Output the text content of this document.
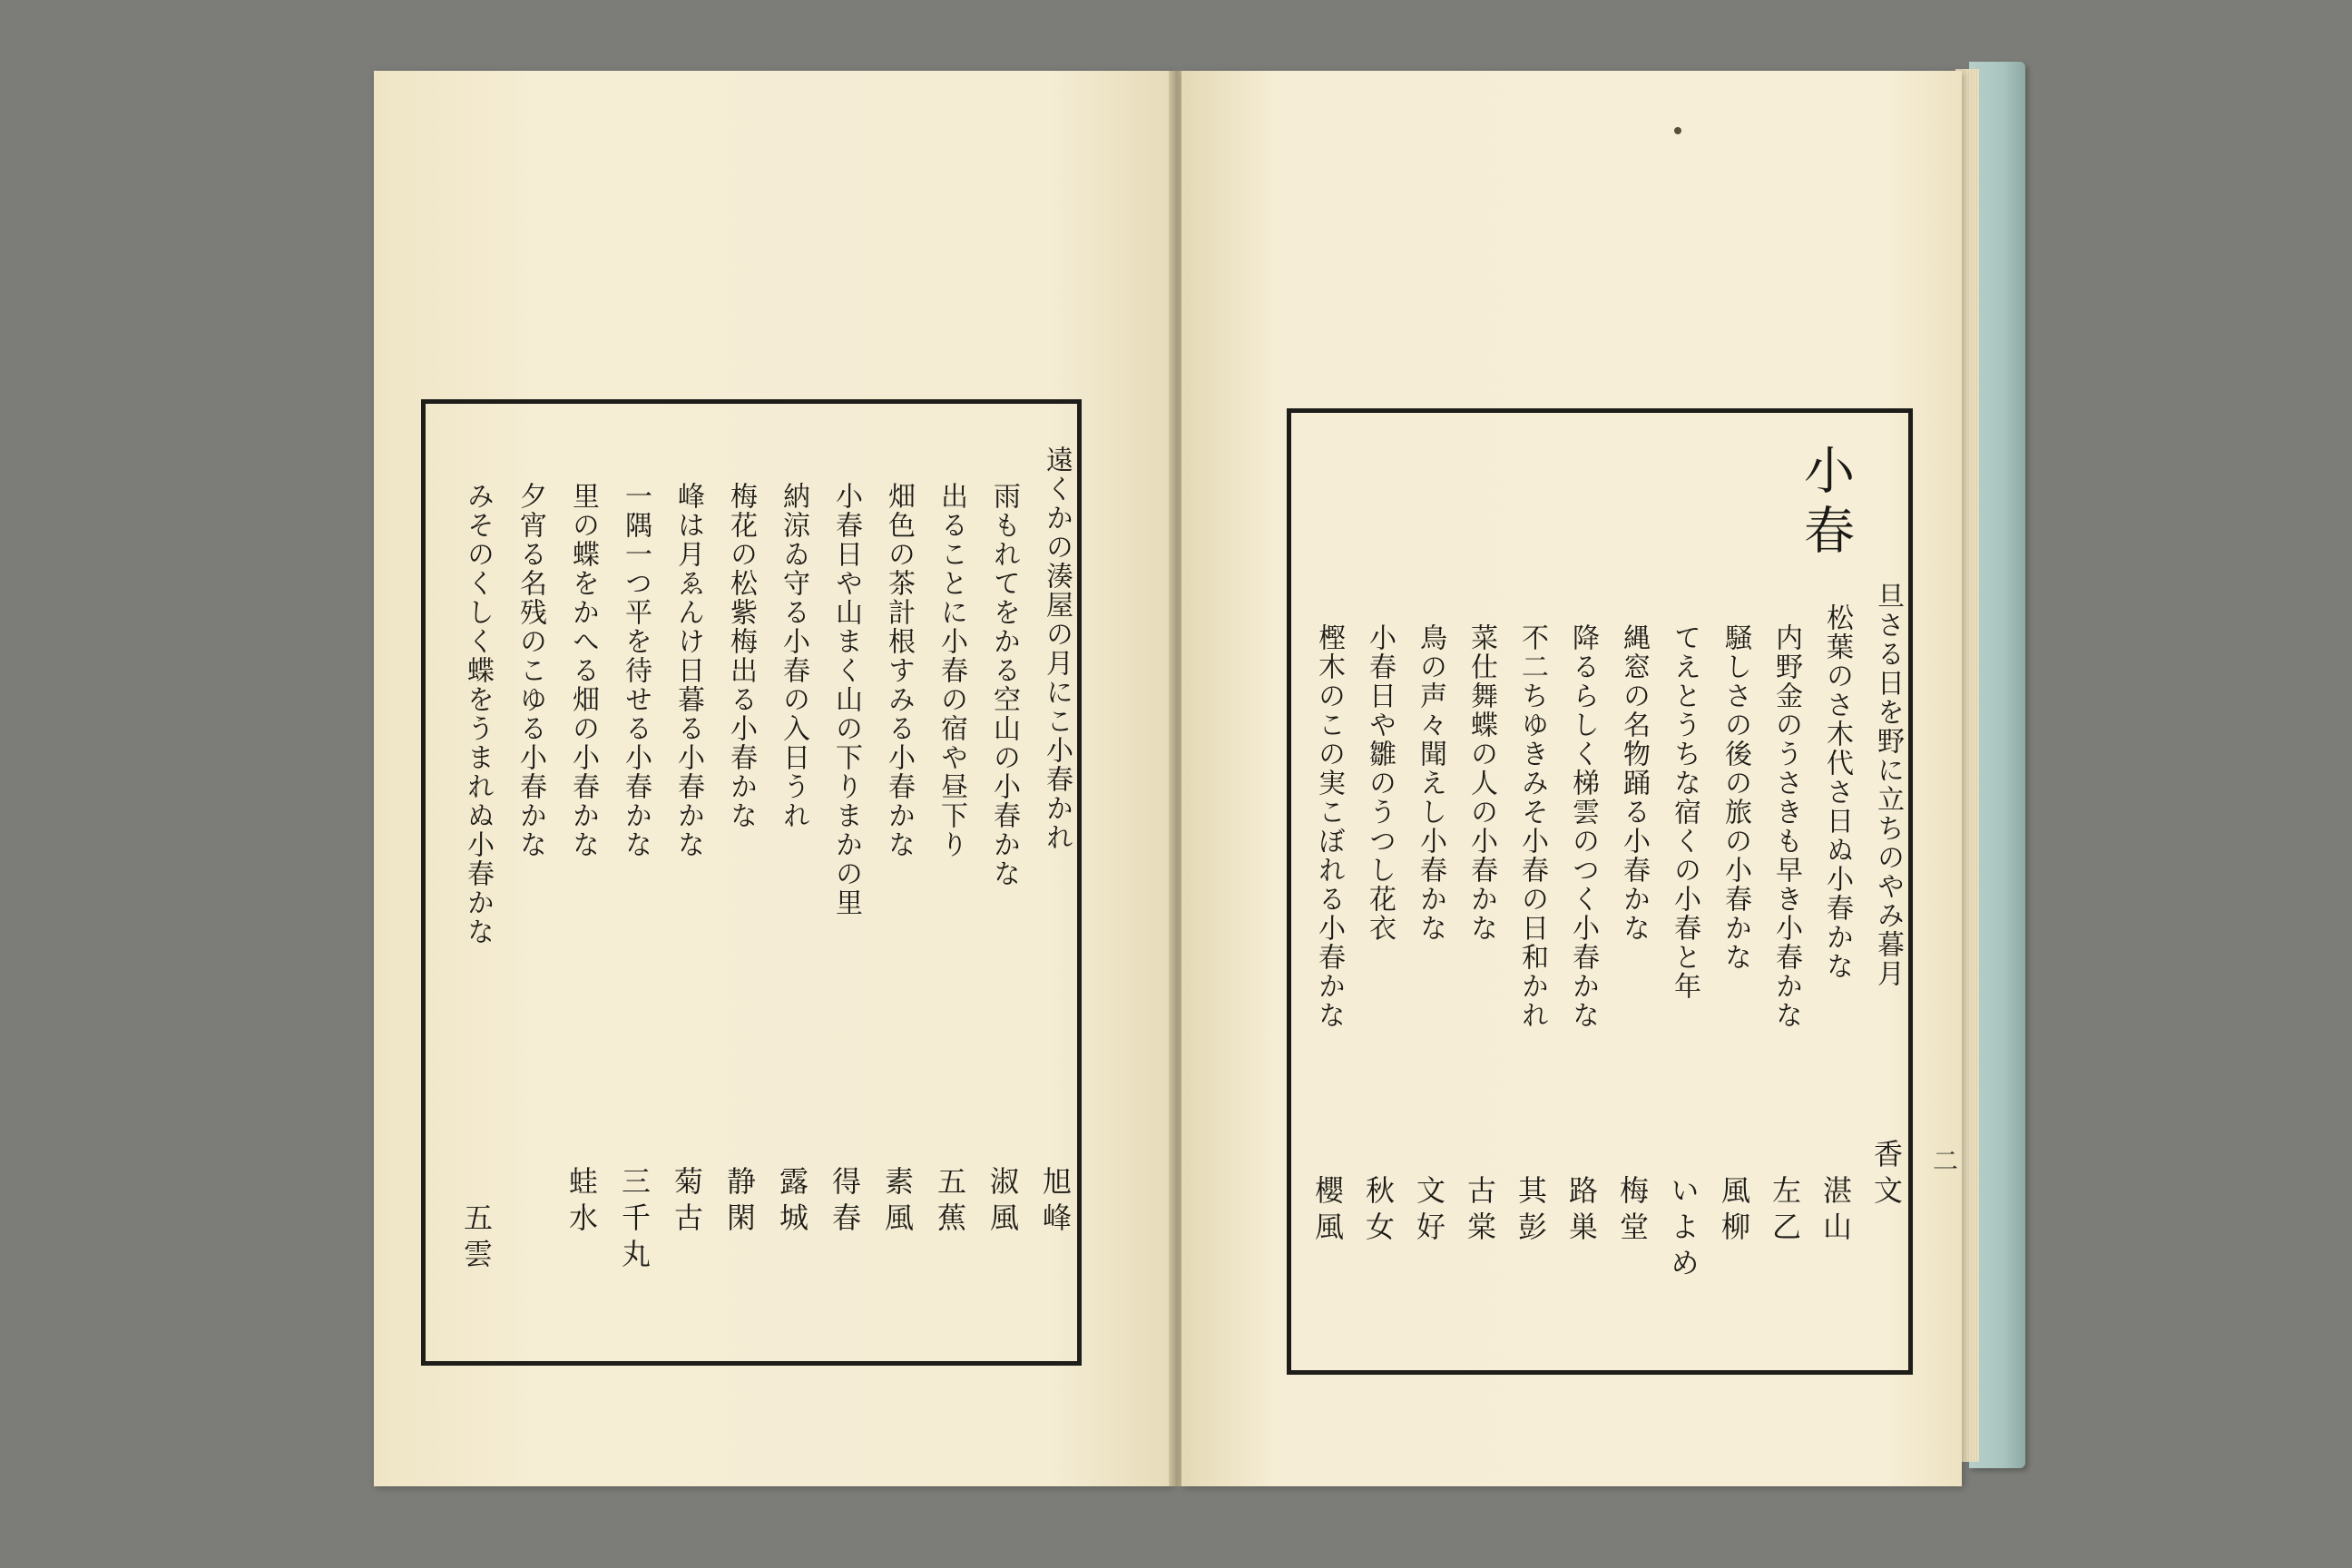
遠くかの湊屋の月にこ小春かれ
旭峰
雨もれてをかる空山の小春かな
淑風
出ることに小春の宿や昼下り
五蕉
畑色の茶計根すみる小春かな
素風
小春日や山まく山の下りまかの里
得春
納涼ゐ守る小春の入日うれ
露城
梅花の松紫梅出る小春かな
静閑
峰は月ゑんけ日暮る小春かな
菊古
一隅一つ平を待せる小春かな
三千丸
里の蝶をかへる畑の小春かな
蛙水
夕宵る名残のこゆる小春かな
みそのくしく蝶をうまれぬ小春かな
五雲
小春
旦さる日を野に立ちのやみ暮月
香文
松葉のさ木代さ日ぬ小春かな
湛山
内野金のうさきも早き小春かな
左乙
騒しさの後の旅の小春かな
風柳
てえとうちな宿くの小春と年
いよめ
縄窓の名物踊る小春かな
梅堂
降るらしく梯雲のつく小春かな
路巣
不二ちゆきみそ小春の日和かれ
其彭
菜仕舞蝶の人の小春かな
古棠
鳥の声々聞えし小春かな
文好
小春日や雛のうつし花衣
秋女
樫木のこの実こぼれる小春かな
櫻風
二
